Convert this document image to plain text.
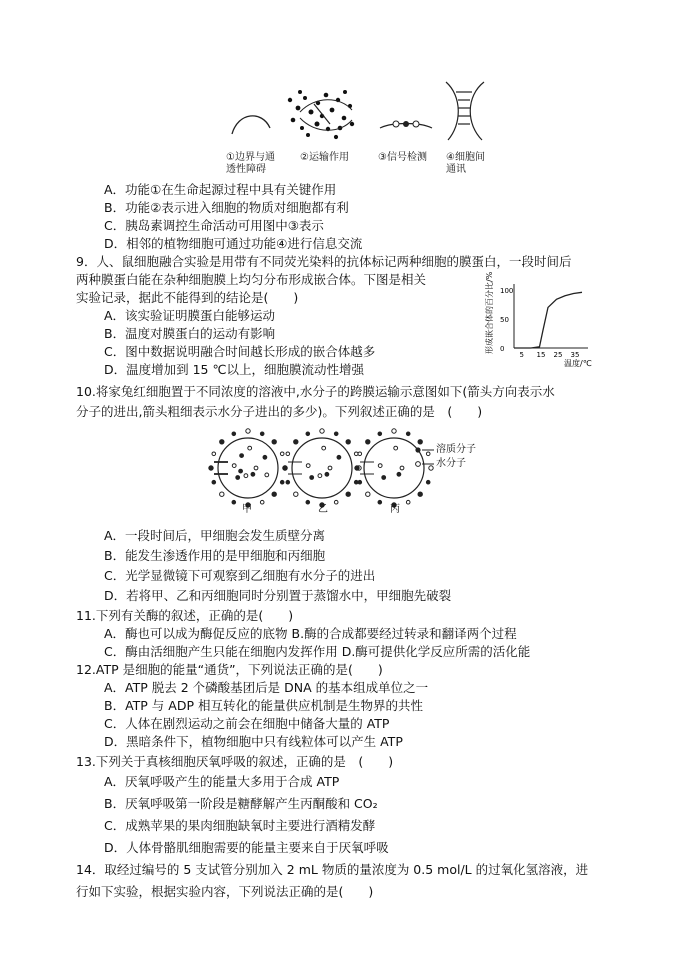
①边界与通
透性障碍
②运输作用	③信号检测 ④细胞间
通讯
A．功能①在生命起源过程中具有关键作用
B．功能②表示进入细胞的物质对细胞都有利
C．胰岛素调控生命活动可用图中③表示
D．相邻的植物细胞可通过功能④进行信息交流
9．人、鼠细胞融合实验是用带有不同荧光染料的抗体标记两种细胞的膜蛋白，一段时间后
两种膜蛋白能在杂种细胞膜上均匀分布形成嵌合体。下图是相关
实验记录，据此不能得到的结论是(　　)
A．该实验证明膜蛋白能够运动
B．温度对膜蛋白的运动有影响
C．图中数据说明融合时间越长形成的嵌合体越多
D．温度增加到 15 ℃以上，细胞膜流动性增强
形成嵌合体的百分比/%
5 15 25 35
0
50
100
温度/℃
10.将家兔红细胞置于不同浓度的溶液中,水分子的跨膜运输示意图如下(箭头方向表示水
分子的进出,箭头粗细表示水分子进出的多少)。下列叙述正确的是　(　　)
溶质分子
水分子
甲	乙	丙
A．一段时间后，甲细胞会发生质壁分离
B．能发生渗透作用的是甲细胞和丙细胞
C．光学显微镜下可观察到乙细胞有水分子的进出
D．若将甲、乙和丙细胞同时分别置于蒸馏水中，甲细胞先破裂
11.下列有关酶的叙述，正确的是(　　)
A．酶也可以成为酶促反应的底物 B.酶的合成都要经过转录和翻译两个过程
C．酶由活细胞产生只能在细胞内发挥作用 D.酶可提供化学反应所需的活化能
12.ATP 是细胞的能量“通货”，下列说法正确的是(　　)
A．ATP 脱去 2 个磷酸基团后是 DNA 的基本组成单位之一
B．ATP 与 ADP 相互转化的能量供应机制是生物界的共性
C．人体在剧烈运动之前会在细胞中储备大量的 ATP
D．黑暗条件下，植物细胞中只有线粒体可以产生 ATP
13.下列关于真核细胞厌氧呼吸的叙述，正确的是　(　　)
A．厌氧呼吸产生的能量大多用于合成 ATP
B．厌氧呼吸第一阶段是糖酵解产生丙酮酸和 CO₂
C．成熟苹果的果肉细胞缺氧时主要进行酒精发酵
D．人体骨骼肌细胞需要的能量主要来自于厌氧呼吸
14．取经过编号的 5 支试管分别加入 2 mL 物质的量浓度为 0.5 mol/L 的过氧化氢溶液，进
行如下实验，根据实验内容，下列说法正确的是(　　)
